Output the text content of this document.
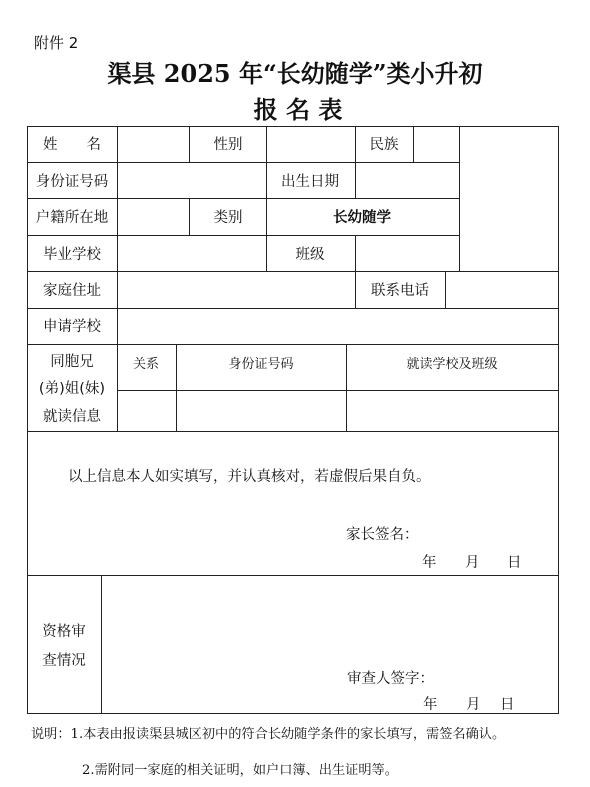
附件 2
渠县 2025 年“长幼随学”类小升初
报 名 表
姓　　名	性别	民族
身份证号码	出生日期
户籍所在地	类别	长幼随学
毕业学校	班级
家庭住址	联系电话
申请学校
同胞兄
(弟)姐(妹)
就读信息
关系	身份证号码	就读学校及班级
以上信息本人如实填写，并认真核对，若虚假后果自负。
家长签名：
年 月 日
资格审
查情况
审查人签字：
年 月 日
说明：1.本表由报读渠县城区初中的符合长幼随学条件的家长填写，需签名确认。
2.需附同一家庭的相关证明，如户口簿、出生证明等。
